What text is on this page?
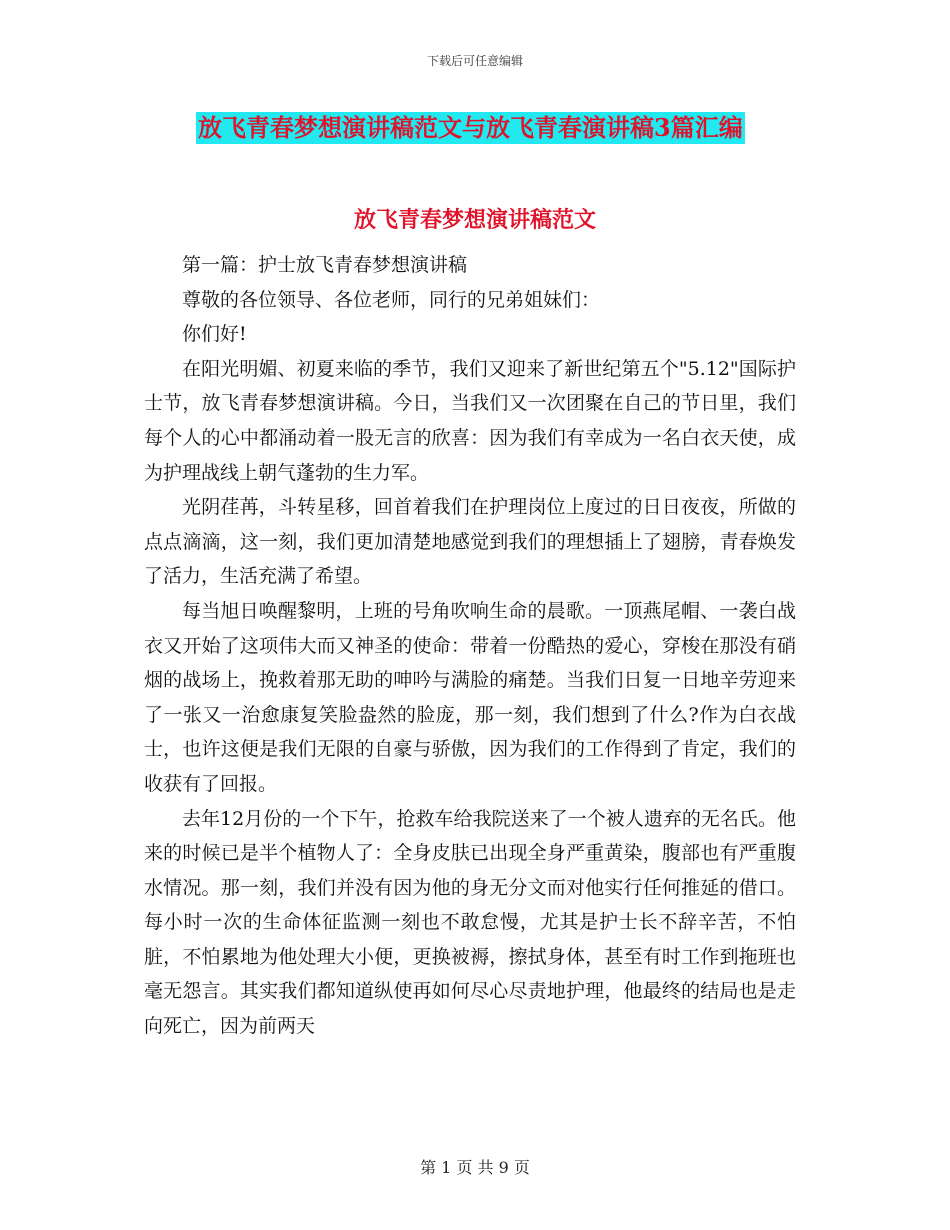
下载后可任意编辑
放飞青春梦想演讲稿范文与放飞青春演讲稿3篇汇编
放飞青春梦想演讲稿范文

第一篇：护士放飞青春梦想演讲稿

尊敬的各位领导、各位老师，同行的兄弟姐妹们：

你们好!

在阳光明媚、初夏来临的季节，我们又迎来了新世纪第五个"5.12"国际护士节，放飞青春梦想演讲稿。今日，当我们又一次团聚在自己的节日里，我们每个人的心中都涌动着一股无言的欣喜：因为我们有幸成为一名白衣天使，成为护理战线上朝气蓬勃的生力军。

光阴荏苒，斗转星移，回首着我们在护理岗位上度过的日日夜夜，所做的点点滴滴，这一刻，我们更加清楚地感觉到我们的理想插上了翅膀，青春焕发了活力，生活充满了希望。

每当旭日唤醒黎明，上班的号角吹响生命的晨歌。一顶燕尾帽、一袭白战衣又开始了这项伟大而又神圣的使命：带着一份酷热的爱心，穿梭在那没有硝烟的战场上，挽救着那无助的呻吟与满脸的痛楚。当我们日复一日地辛劳迎来了一张又一治愈康复笑脸盎然的脸庞，那一刻，我们想到了什么?作为白衣战士，也许这便是我们无限的自豪与骄傲，因为我们的工作得到了肯定，我们的收获有了回报。

去年12月份的一个下午，抢救车给我院送来了一个被人遗弃的无名氏。他来的时候已是半个植物人了：全身皮肤已出现全身严重黄染，腹部也有严重腹水情况。那一刻，我们并没有因为他的身无分文而对他实行任何推延的借口。每小时一次的生命体征监测一刻也不敢怠慢，尤其是护士长不辞辛苦，不怕脏，不怕累地为他处理大小便，更换被褥，擦拭身体，甚至有时工作到拖班也毫无怨言。其实我们都知道纵使再如何尽心尽责地护理，他最终的结局也是走向死亡，因为前两天

第 1 页 共 9 页
